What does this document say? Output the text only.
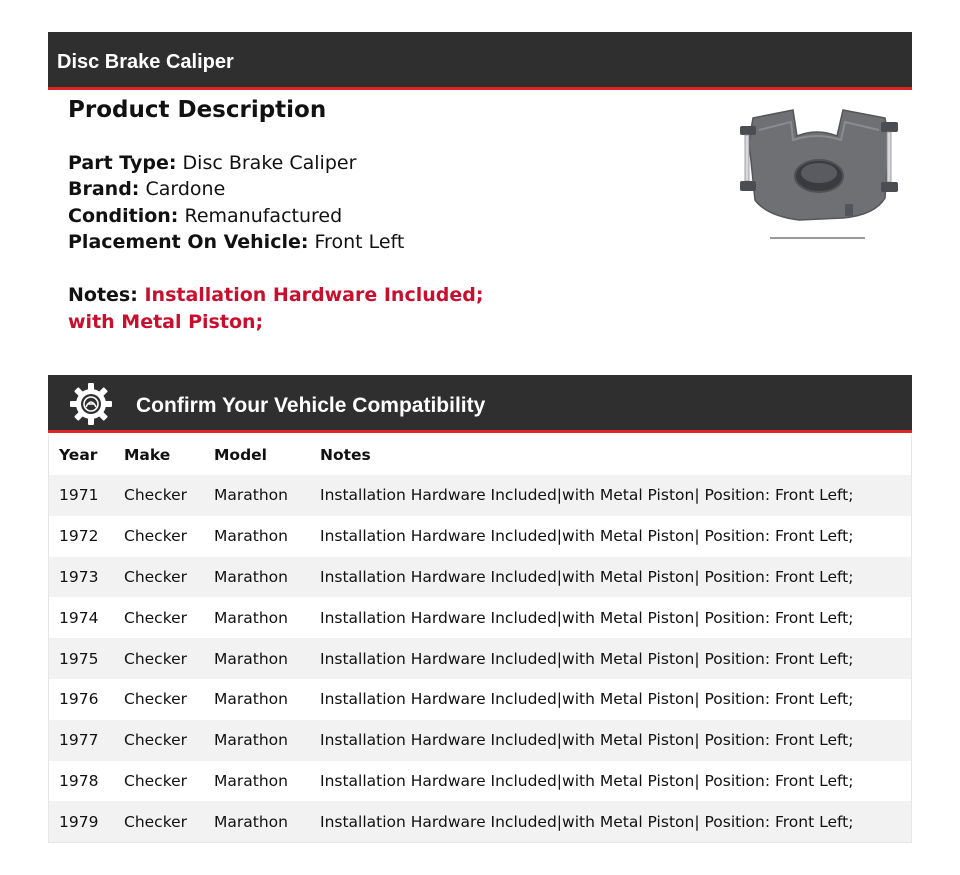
Disc Brake Caliper
Product Description
Part Type: Disc Brake Caliper
Brand: Cardone
Condition: Remanufactured
Placement On Vehicle: Front Left
Notes: Installation Hardware Included;
with Metal Piston;
Confirm Your Vehicle Compatibility
Year	Make	Model	Notes
1971	Checker	Marathon	Installation Hardware Included|with Metal Piston| Position: Front Left;
1972	Checker	Marathon	Installation Hardware Included|with Metal Piston| Position: Front Left;
1973	Checker	Marathon	Installation Hardware Included|with Metal Piston| Position: Front Left;
1974	Checker	Marathon	Installation Hardware Included|with Metal Piston| Position: Front Left;
1975	Checker	Marathon	Installation Hardware Included|with Metal Piston| Position: Front Left;
1976	Checker	Marathon	Installation Hardware Included|with Metal Piston| Position: Front Left;
1977	Checker	Marathon	Installation Hardware Included|with Metal Piston| Position: Front Left;
1978	Checker	Marathon	Installation Hardware Included|with Metal Piston| Position: Front Left;
1979	Checker	Marathon	Installation Hardware Included|with Metal Piston| Position: Front Left;
